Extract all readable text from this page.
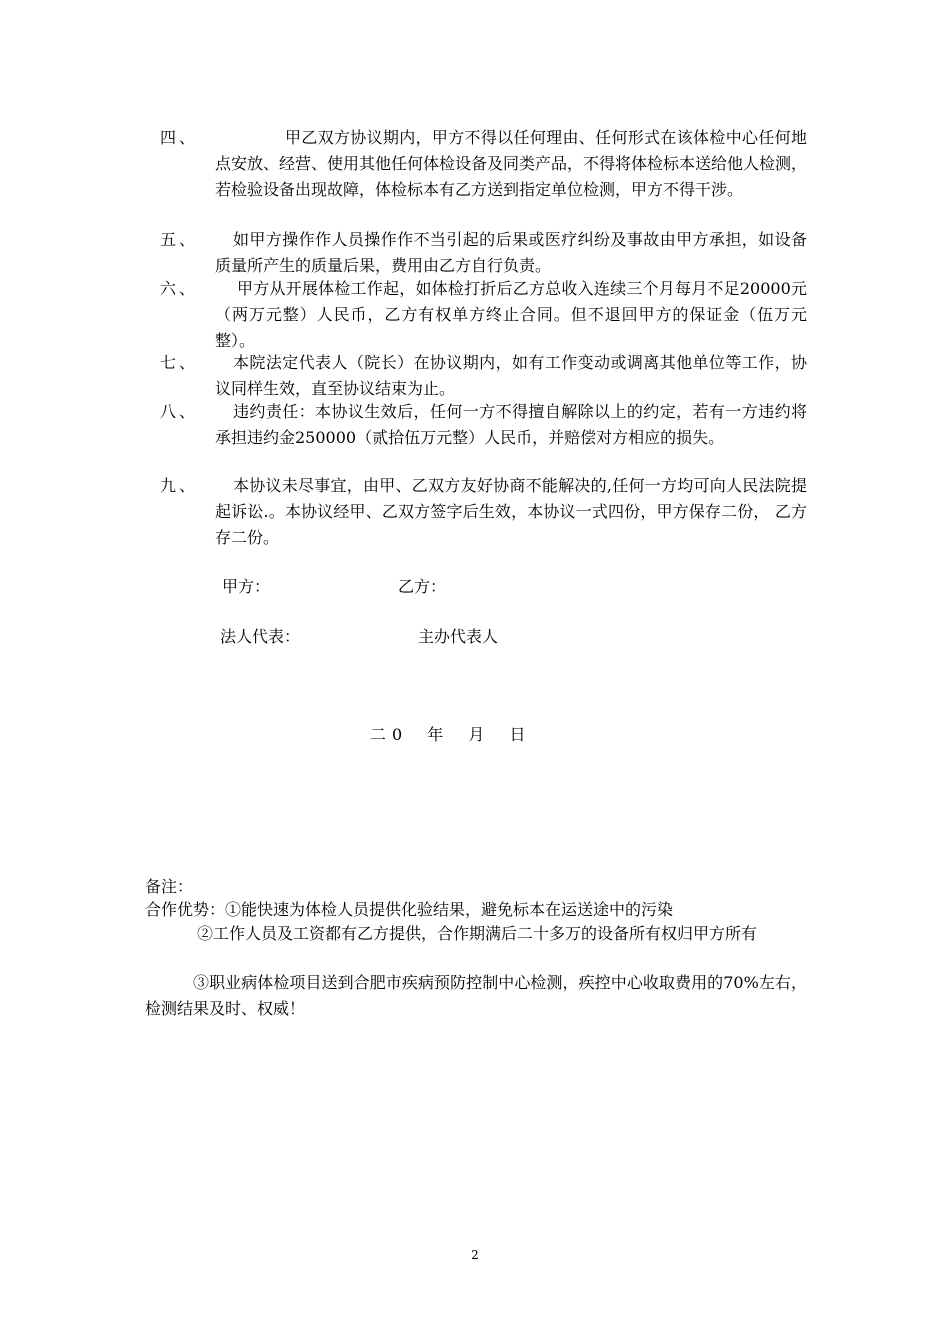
四、	甲乙双方协议期内，甲方不得以任何理由、任何形式在该体检中心任何地点安放、经营、使用其他任何体检设备及同类产品，不得将体检标本送给他人检测，若检验设备出现故障，体检标本有乙方送到指定单位检测，甲方不得干涉。
五、	如甲方操作作人员操作作不当引起的后果或医疗纠纷及事故由甲方承担，如设备质量所产生的质量后果，费用由乙方自行负责。
六、	甲方从开展体检工作起，如体检打折后乙方总收入连续三个月每月不足20000元（两万元整）人民币，乙方有权单方终止合同。但不退回甲方的保证金（伍万元整）。
七、	本院法定代表人（院长）在协议期内，如有工作变动或调离其他单位等工作，协议同样生效，直至协议结束为止。
八、	违约责任：本协议生效后，任何一方不得擅自解除以上的约定，若有一方违约将承担违约金250000（贰拾伍万元整）人民币，并赔偿对方相应的损失。
九、	本协议未尽事宜，由甲、乙双方友好协商不能解决的,任何一方均可向人民法院提起诉讼.。本协议经甲、乙双方签字后生效，本协议一式四份，甲方保存二份， 乙方存二份。
甲方：	乙方：
法人代表：	主办代表人
二0 年 月 日
备注：
合作优势：①能快速为体检人员提供化验结果，避免标本在运送途中的污染
②工作人员及工资都有乙方提供，合作期满后二十多万的设备所有权归甲方所有
③职业病体检项目送到合肥市疾病预防控制中心检测，疾控中心收取费用的70%左右，检测结果及时、权威！
2
